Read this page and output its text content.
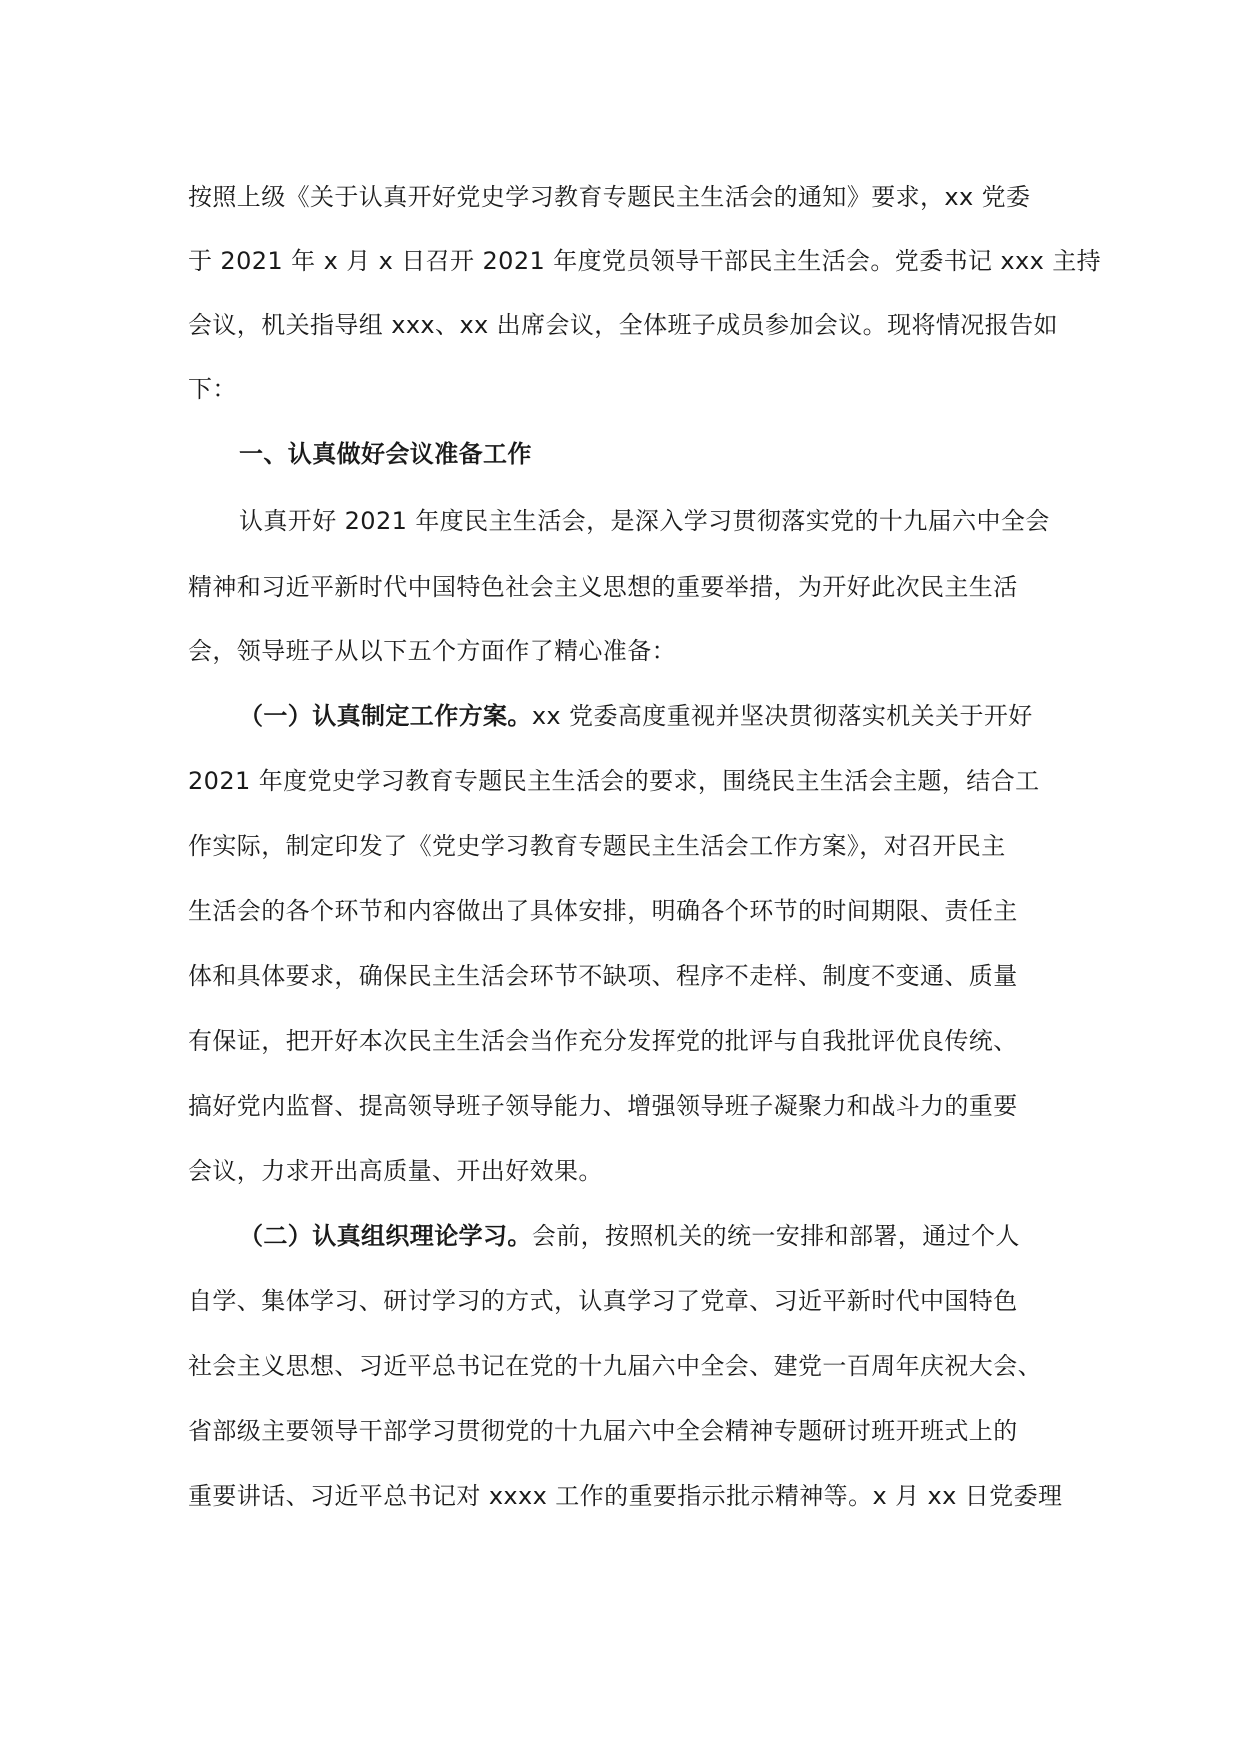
按照上级《关于认真开好党史学习教育专题民主生活会的通知》要求，xx 党委
于 2021 年 x 月 x 日召开 2021 年度党员领导干部民主生活会。党委书记 xxx 主持
会议，机关指导组 xxx、xx 出席会议，全体班子成员参加会议。现将情况报告如
下：
一、认真做好会议准备工作
认真开好 2021 年度民主生活会，是深入学习贯彻落实党的十九届六中全会
精神和习近平新时代中国特色社会主义思想的重要举措，为开好此次民主生活
会，领导班子从以下五个方面作了精心准备：
（一）认真制定工作方案。xx 党委高度重视并坚决贯彻落实机关关于开好
2021 年度党史学习教育专题民主生活会的要求，围绕民主生活会主题，结合工
作实际，制定印发了《党史学习教育专题民主生活会工作方案》，对召开民主
生活会的各个环节和内容做出了具体安排，明确各个环节的时间期限、责任主
体和具体要求，确保民主生活会环节不缺项、程序不走样、制度不变通、质量
有保证，把开好本次民主生活会当作充分发挥党的批评与自我批评优良传统、
搞好党内监督、提高领导班子领导能力、增强领导班子凝聚力和战斗力的重要
会议，力求开出高质量、开出好效果。
（二）认真组织理论学习。会前，按照机关的统一安排和部署，通过个人
自学、集体学习、研讨学习的方式，认真学习了党章、习近平新时代中国特色
社会主义思想、习近平总书记在党的十九届六中全会、建党一百周年庆祝大会、
省部级主要领导干部学习贯彻党的十九届六中全会精神专题研讨班开班式上的
重要讲话、习近平总书记对 xxxx 工作的重要指示批示精神等。x 月 xx 日党委理
